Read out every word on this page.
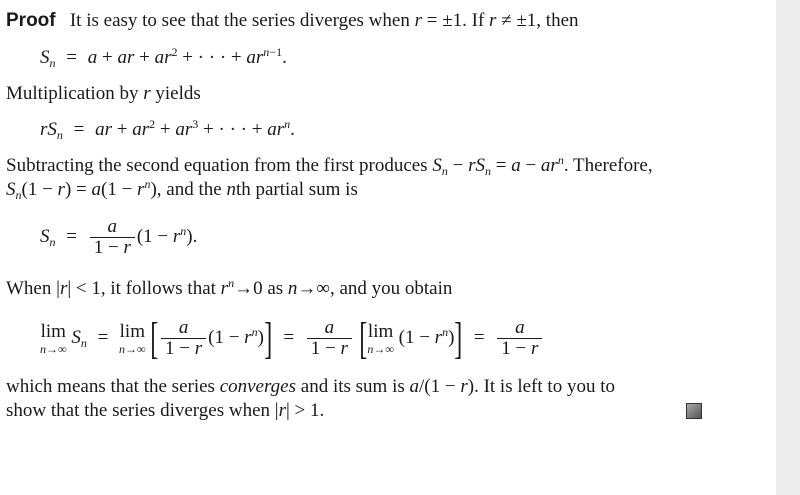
Proof It is easy to see that the series diverges when r = ±1. If r ≠ ±1, then
$S_n = a$ + ar + $ar^2$ + · · · + $ar^{n-1}$.
Multiplication by r yields
$rS_n$ = ar + $ar^2 + ar^3$ + · · · + $ar^n$.
Subtracting the second equation from the first produces $S_n - rS_n = a - ar^n$. Therefore,
$S_n(1 - r) = a(1 - r^n)$, and the nth partial sum is
$S_n = \frac{a}{1 - r} (1 - r^n)$.
When |r| < 1, it follows that $r^n\to 0$ as n→∞, and you obtain
lim
n→∞
$S_n = \lim$
n→∞ [ $\frac{a}{1 - r} (1 - r^n)] = \frac{a}{1 - r}$ [ lim
n→∞
$(1 - r^n)] = \frac{a}{1 - r}$
which means that the series converges and its sum is a/(1 − r). It is left to you to
show that the series diverges when |r| > 1.
